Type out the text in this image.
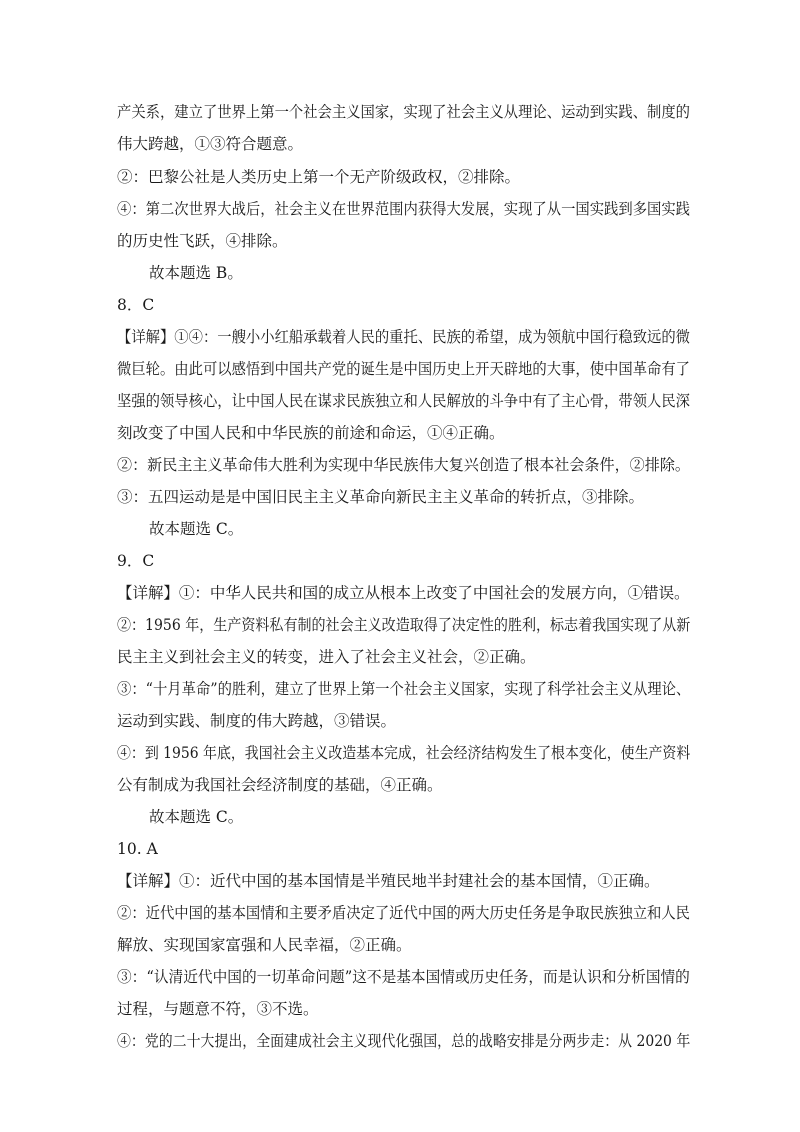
产关系，建立了世界上第一个社会主义国家，实现了社会主义从理论、运动到实践、制度的
伟大跨越，①③符合题意。
②：巴黎公社是人类历史上第一个无产阶级政权，②排除。
④：第二次世界大战后，社会主义在世界范围内获得大发展，实现了从一国实践到多国实践
的历史性飞跃，④排除。
故本题选 B。
8．C
【详解】①④：一艘小小红船承载着人民的重托、民族的希望，成为领航中国行稳致远的微
微巨轮。由此可以感悟到中国共产党的诞生是中国历史上开天辟地的大事，使中国革命有了
坚强的领导核心，让中国人民在谋求民族独立和人民解放的斗争中有了主心骨，带领人民深
刻改变了中国人民和中华民族的前途和命运，①④正确。
②：新民主主义革命伟大胜利为实现中华民族伟大复兴创造了根本社会条件，②排除。
③：五四运动是是中国旧民主主义革命向新民主主义革命的转折点，③排除。
故本题选 C。
9．C
【详解】①：中华人民共和国的成立从根本上改变了中国社会的发展方向，①错误。
②：1956 年，生产资料私有制的社会主义改造取得了决定性的胜利，标志着我国实现了从新
民主主义到社会主义的转变，进入了社会主义社会，②正确。
③：“十月革命”的胜利，建立了世界上第一个社会主义国家，实现了科学社会主义从理论、
运动到实践、制度的伟大跨越，③错误。
④：到 1956 年底，我国社会主义改造基本完成，社会经济结构发生了根本变化，使生产资料
公有制成为我国社会经济制度的基础，④正确。
故本题选 C。
10. A
【详解】①：近代中国的基本国情是半殖民地半封建社会的基本国情，①正确。
②：近代中国的基本国情和主要矛盾决定了近代中国的两大历史任务是争取民族独立和人民
解放、实现国家富强和人民幸福，②正确。
③：“认清近代中国的一切革命问题”这不是基本国情或历史任务，而是认识和分析国情的
过程，与题意不符，③不选。
④：党的二十大提出，全面建成社会主义现代化强国，总的战略安排是分两步走：从 2020 年
